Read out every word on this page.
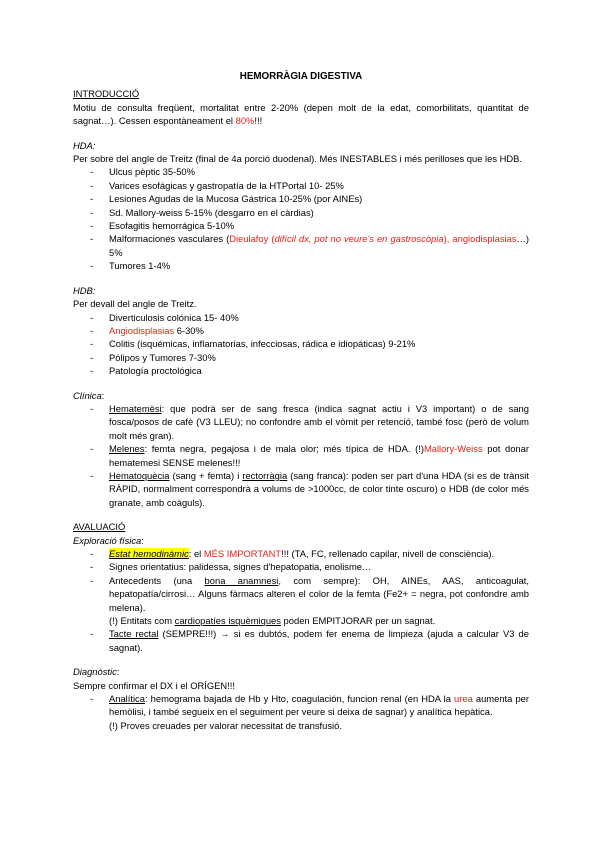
HEMORRÀGIA DIGESTIVA
INTRODUCCIÓ
Motiu de consulta freqüent, mortalitat entre 2-20% (depen molt de la edat, comorbilitats, quantitat de sagnat…). Cessen espontàneament el 80%!!!
HDA:
Per sobre del angle de Treitz (final de 4a porció duodenal). Més INESTABLES i més perilloses que les HDB.
- Ulcus pèptic 35-50%
- Varices esofágicas y gastropatía de la HTPortal 10- 25%
- Lesiones Agudas de la Mucosa Gástrica 10-25% (por AINEs)
- Sd. Mallory-weiss 5-15% (desgarro en el càrdias)
- Esofagitis hemorrágica 5-10%
- Malformaciones vasculares (Dieulafoy (difícil dx, pot no veure's en gastroscòpia), angiodisplasias…) 5%
- Tumores 1-4%
HDB:
Per devall del angle de Treitz.
- Diverticulosis colónica 15- 40%
- Angiodisplasias 6-30%
- Colitis (isquémicas, inflamatorias, infecciosas, rádica e idiopáticas) 9-21%
- Pólipos y Tumores 7-30%
- Patología proctológica
Clínica:
- Hematemèsi: que podrà ser de sang fresca (indica sagnat actiu i V3 important) o de sang fosca/posos de cafè (V3 LLEU); no confondre amb el vòmit per retenció, també fosc (però de volum molt més gran).
- Melenes: femta negra, pegajosa i de mala olor; més típica de HDA. (!)Mallory-Weiss pot donar hematemesi SENSE melenes!!!
- Hematoquècia (sang + femta) i rectorràgia (sang franca): poden ser part d'una HDA (si es de trànsit RÀPID, normalment correspondrà a volums de >1000cc, de color tinte oscuro) o HDB (de color més granate, amb coàguls).
AVALUACIÓ
Exploració física:
- Estat hemodinàmic: el MÉS IMPORTANT!!! (TA, FC, rellenado capilar, nivell de consciència).
- Signes orientatius: palidessa, signes d'hepatopatia, enolisme…
- Antecedents (una bona anamnesi, com sempre): OH, AINEs, AAS, anticoagulat, hepatopatía/cirrosi… Alguns fàrmacs alteren el color de la femta (Fe2+ = negra, pot confondre amb melena).
(!) Entitats com cardiopatíes isquèmiques poden EMPITJORAR per un sagnat.
- Tacte rectal (SEMPRE!!!) → si es dubtós, podem fer enema de limpieza (ajuda a calcular V3 de sagnat).
Diagnòstic:
Sempre confirmar el DX i el ORÍGEN!!!
- Analítica: hemograma bajada de Hb y Hto, coagulación, funcion renal (en HDA la urea aumenta per hemòlisi, i també segueix en el seguiment per veure si deixa de sagnar) y analítica hepàtica.
(!) Proves creuades per valorar necessitat de transfusió.
